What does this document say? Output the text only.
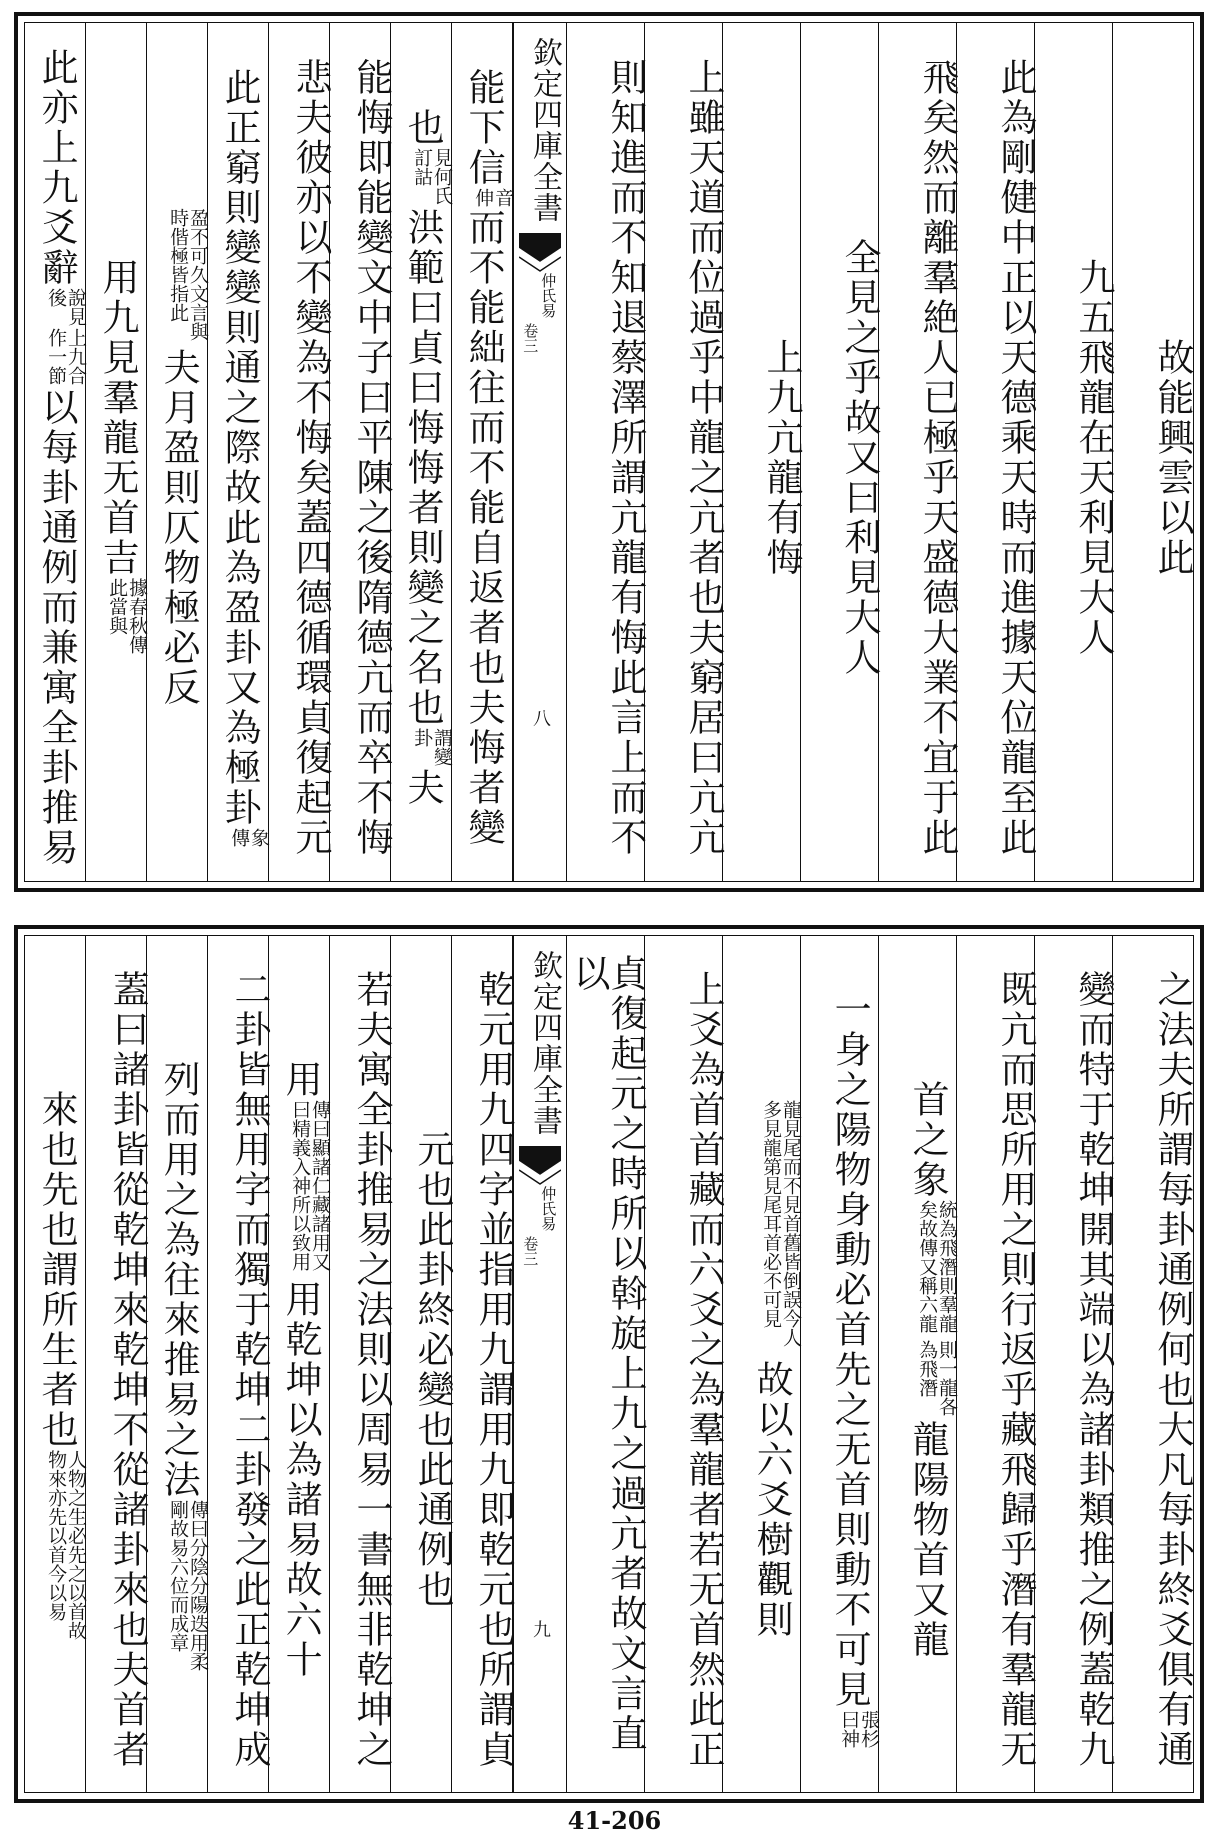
此亦上九爻辭說見後上九合作一節以每卦通例而兼寓全卦推易 用九見羣龍无首吉據春秋傳此當與
盈不可久文言與時偕極皆指此夫月盈則仄物極必反 此正窮則變變則通之際故此為盈卦又為極卦象傳	悲夫彼亦以不變為不悔矣蓋四德循環貞復起元 能悔即能變文中子曰平陳之後隋德亢而卒不悔 也見何氏訂詁洪範曰貞曰悔悔者則變之名也謂變卦夫
能下信音伸而不能絀往而不能自返者也夫悔者變
欽定四庫全書
仲氏易
卷三
八	則知進而不知退蔡澤所謂亢龍有悔此言上而不 上雖天道而位過乎中龍之亢者也夫窮居曰亢亢 上九亢龍有悔 全見之乎故又曰利見大人 飛矣然而離羣絶人已極乎天盛德大業不宜于此 此為剛健中正以天德乘天時而進據天位龍至此 九五飛龍在天利見大人 故能興雲以此
來也先也謂所生者也人物之生必先之以首故物來亦先以首今以易	蓋曰諸卦皆從乾坤來乾坤不從諸卦來也夫首者 列而用之為往來推易之法傳曰分陰分陽迭用柔剛故易六位而成章	二卦皆無用字而獨于乾坤二卦發之此正乾坤成 用傳曰顯諸仁藏諸用又曰精義入神所以致用用乾坤以為諸易故六十 若夫寓全卦推易之法則以周易一書無非乾坤之 元也此卦終必變也此通例也 乾元用九四字並指用九謂用九即乾元也所謂貞 欽定四庫全書
仲氏易
卷三
九	貞復起元之時所以斡旋上九之過亢者故文言直以	上爻為首首藏而六爻之為羣龍者若无首然此正	龍見尾而不見首舊皆倒誤今人多見龍第見尾耳首必不可見故以六爻樹觀則 一身之陽物身動必首先之无首則動不可見張杉曰神
首之象統為飛潛則羣龍矣故傳又稱六龍則一龍各為飛潛龍陽物首又龍	既亢而思所用之則行返乎藏飛歸乎潛有羣龍无 變而特于乾坤開其端以為諸卦類推之例蓋乾九 之法夫所謂每卦通例何也大凡每卦終爻俱有通
41-206
